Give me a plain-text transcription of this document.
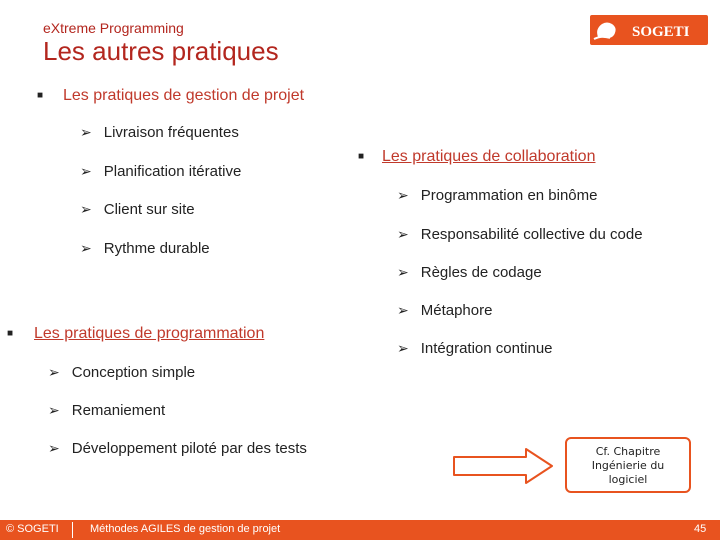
eXtreme Programming
Les autres pratiques
SOGETI
■ Les pratiques de gestion de projet
➢ Livraison fréquentes
➢ Planification itérative
➢ Client sur site
➢ Rythme durable
■ Les pratiques de collaboration
➢ Programmation en binôme
➢ Responsabilité collective du code
➢ Règles de codage
➢ Métaphore
➢ Intégration continue
■ Les pratiques de programmation
➢ Conception simple
➢ Remaniement
➢ Développement piloté par des tests	Cf. Chapitre
Ingénierie du
logiciel
© SOGETI	Méthodes AGILES de gestion de projet	45
